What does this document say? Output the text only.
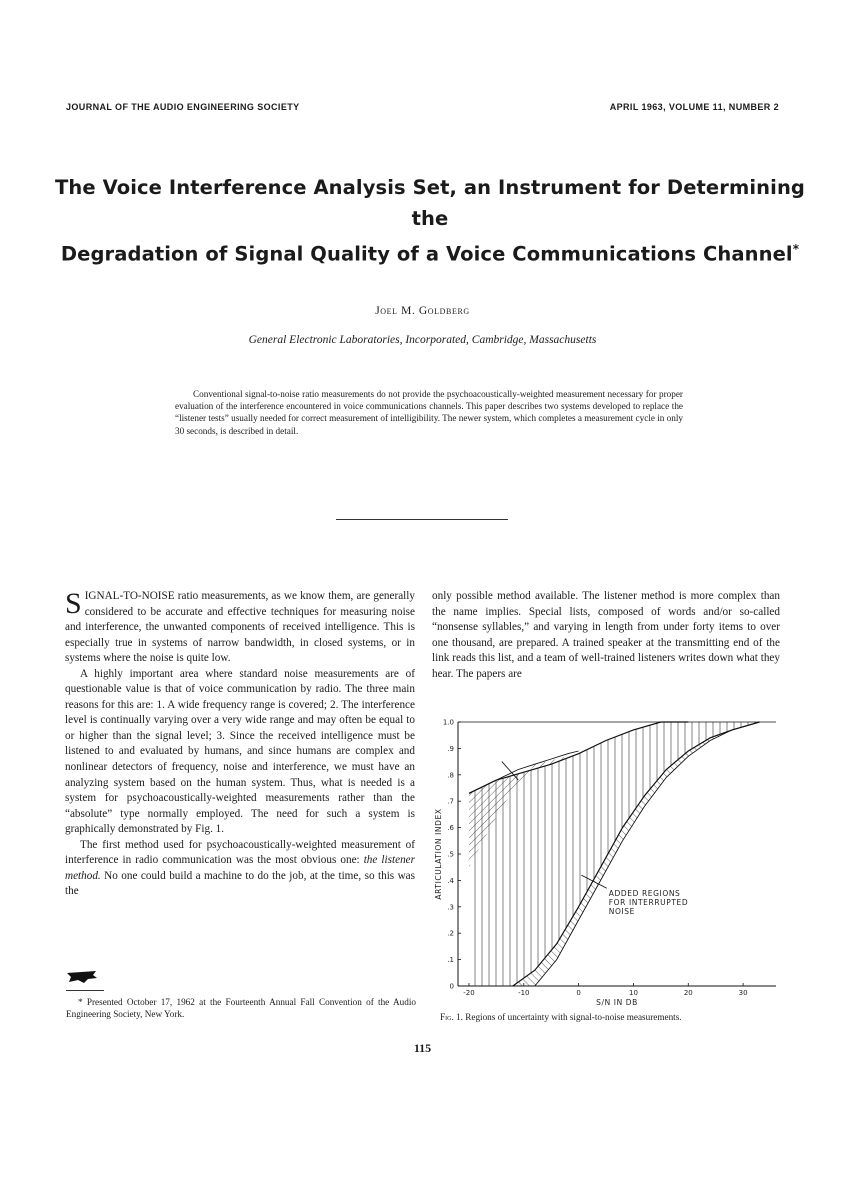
JOURNAL OF THE AUDIO ENGINEERING SOCIETY	APRIL 1963, VOLUME 11, NUMBER 2
The Voice Interference Analysis Set, an Instrument for Determining the
Degradation of Signal Quality of a Voice Communications Channel*
Joel M. Goldberg
General Electronic Laboratories, Incorporated, Cambridge, Massachusetts
Conventional signal-to-noise ratio measurements do not provide the psychoacoustically-weighted measurement necessary for proper evaluation of the interference encountered in voice communications channels. This paper describes two systems developed to replace the “listener tests” usually needed for correct measurement of intelligibility. The newer system, which completes a measurement cycle in only 30 seconds, is described in detail.

SIGNAL-TO-NOISE ratio measurements, as we know them, are generally considered to be accurate and effective techniques for measuring noise and interference, the unwanted components of received intelligence. This is especially true in systems of narrow bandwidth, in closed systems, or in systems where the noise is quite low.

A highly important area where standard noise measurements are of questionable value is that of voice communication by radio. The three main reasons for this are: 1. A wide frequency range is covered; 2. The interference level is continually varying over a very wide range and may often be equal to or higher than the signal level; 3. Since the received intelligence must be listened to and evaluated by humans, and since humans are complex and nonlinear detectors of frequency, noise and interference, we must have an analyzing system based on the human system. Thus, what is needed is a system for psychoacoustically-weighted measurements rather than the “absolute” type normally employed. The need for such a system is graphically demonstrated by Fig. 1.

The first method used for psychoacoustically-weighted measurement of interference in radio communication was the most obvious one: the listener method. No one could build a machine to do the job, at the time, so this was the

* Presented October 17, 1962 at the Fourteenth Annual Fall Convention of the Audio Engineering Society, New York.

only possible method available. The listener method is more complex than the name implies. Special lists, composed of words and/or so-called “nonsense syllables,” and varying in length from under forty items to over one thousand, are prepared. A trained speaker at the transmitting end of the link reads this list, and a team of well-trained listeners writes down what they hear. The papers are

.1
.2
.3
.4
.5
.6
.7
.8
.9
1.0
0
-20	-10	0	10	20	30
S/N IN DB
ARTICULATION INDEX	ADDED REGIONS
FOR INTERRUPTED
NOISE
Fig. 1. Regions of uncertainty with signal-to-noise measurements.
115
